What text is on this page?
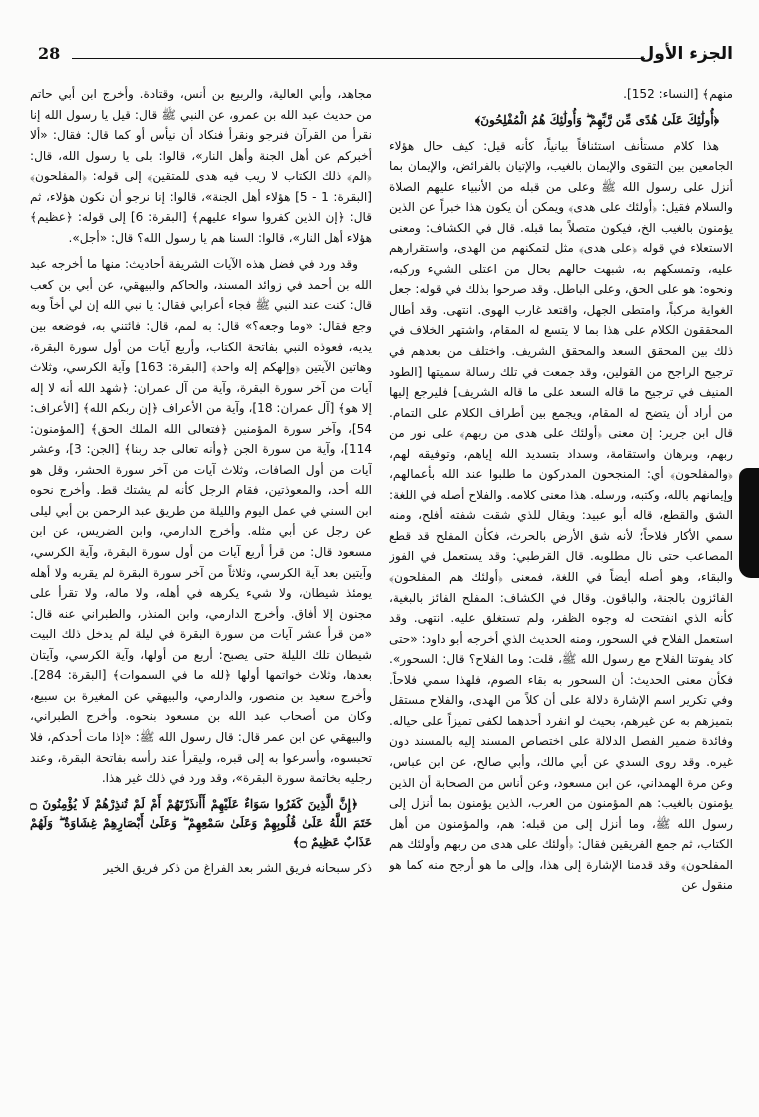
الجزء الأول
28

منهم﴾ [النساء: 152].

﴿أُولَٰئِكَ عَلَىٰ هُدًى مِّن رَّبِّهِمْ ۖ وَأُولَٰئِكَ هُمُ الْمُفْلِحُونَ﴾

هذا كلام مستأنف استئنافاً بيانياً، كأنه قيل: كيف حال هؤلاء الجامعين بين التقوى والإيمان بالغيب، والإتيان بالفرائض، والإيمان بما أنزل على رسول الله ﷺ وعلى من قبله من الأنبياء عليهم الصلاة والسلام فقيل: ﴿أولئك على هدى﴾ ويمكن أن يكون هذا خبراً عن الذين يؤمنون بالغيب الخ، فيكون متصلاً بما قبله. قال في الكشاف: ومعنى الاستعلاء في قوله ﴿على هدى﴾ مثل لتمكنهم من الهدى، واستقرارهم عليه، وتمسكهم به، شبهت حالهم بحال من اعتلى الشيء وركبه، ونحوه: هو على الحق، وعلى الباطل. وقد صرحوا بذلك في قوله: جعل الغواية مركباً، وامتطى الجهل، واقتعد غارب الهوى. انتهى. وقد أطال المحققون الكلام على هذا بما لا يتسع له المقام، واشتهر الخلاف في ذلك بين المحقق السعد والمحقق الشريف. واختلف من بعدهم في ترجيح الراجح من القولين، وقد جمعت في تلك رسالة سميتها [الطود المنيف في ترجيح ما قاله السعد على ما قاله الشريف] فليرجع إليها من أراد أن يتضح له المقام، ويجمع بين أطراف الكلام على التمام. قال ابن جرير: إن معنى ﴿أولئك على هدى من ربهم﴾ على نور من ربهم، وبرهان واستقامة، وسداد بتسديد الله إياهم، وتوفيقه لهم، ﴿والمفلحون﴾ أي: المنجحون المدركون ما طلبوا عند الله بأعمالهم، وإيمانهم بالله، وكتبه، ورسله. هذا معنى كلامه. والفلاح أصله في اللغة: الشق والقطع، قاله أبو عبيد: ويقال للذي شقت شفته أفلح، ومنه سمي الأكار فلاحاً؛ لأنه شق الأرض بالحرث، فكأن المفلح قد قطع المصاعب حتى نال مطلوبه. قال القرطبي: وقد يستعمل في الفوز والبقاء، وهو أصله أيضاً في اللغة، فمعنى ﴿أولئك هم المفلحون﴾ الفائزون بالجنة، والباقون. وقال في الكشاف: المفلح الفائز بالبغية، كأنه الذي انفتحت له وجوه الظفر، ولم تستغلق عليه. انتهى. وقد استعمل الفلاح في السحور، ومنه الحديث الذي أخرجه أبو داود: «حتى كاد يفوتنا الفلاح مع رسول الله ﷺ، قلت: وما الفلاح؟ قال: السحور». فكأن معنى الحديث: أن السحور به بقاء الصوم، فلهذا سمي فلاحاً. وفي تكرير اسم الإشارة دلالة على أن كلاً من الهدى، والفلاح مستقل بتميزهم به عن غيرهم، بحيث لو انفرد أحدهما لكفى تميزاً على حياله. وفائدة ضمير الفصل الدلالة على اختصاص المسند إليه بالمسند دون غيره. وقد روى السدي عن أبي مالك، وأبي صالح، عن ابن عباس، وعن مرة الهمداني، عن ابن مسعود، وعن أناس من الصحابة أن الذين يؤمنون بالغيب: هم المؤمنون من العرب، الذين يؤمنون بما أنزل إلى رسول الله ﷺ، وما أنزل إلى من قبله: هم، والمؤمنون من أهل الكتاب، ثم جمع الفريقين فقال: ﴿أولئك على هدى من ربهم وأولئك هم المفلحون﴾ وقد قدمنا الإشارة إلى هذا، وإلى ما هو أرجح منه كما هو منقول عن

مجاهد، وأبي العالية، والربيع بن أنس، وقتادة. وأخرج ابن أبي حاتم من حديث عبد الله بن عمرو، عن النبي ﷺ قال: قيل يا رسول الله إنا نقرأ من القرآن فنرجو ونقرأ فنكاد أن نيأس أو كما قال: فقال: «ألا أخبركم عن أهل الجنة وأهل النار»، قالوا: بلى يا رسول الله، قال: ﴿الم﴾ ذلك الكتاب لا ريب فيه هدى للمتقين﴾ إلى قوله: ﴿المفلحون﴾ [البقرة: 1 - 5] هؤلاء أهل الجنة»، قالوا: إنا نرجو أن نكون هؤلاء، ثم قال: ﴿إن الذين كفروا سواء عليهم﴾ [البقرة: 6] إلى قوله: ﴿عظيم﴾ هؤلاء أهل النار»، قالوا: السنا هم يا رسول الله؟ قال: «أجل».

وقد ورد في فضل هذه الآيات الشريفة أحاديث: منها ما أخرجه عبد الله بن أحمد في زوائد المسند، والحاكم والبيهقي، عن أبي بن كعب قال: كنت عند النبي ﷺ فجاء أعرابي فقال: يا نبي الله إن لي أخاً وبه وجع فقال: «وما وجعه؟» قال: به لمم، قال: فائتني به، فوضعه بين يديه، فعوذه النبي بفاتحة الكتاب، وأربع آيات من أول سورة البقرة، وهاتين الآيتين ﴿وإلهكم إله واحد﴾ [البقرة: 163] وآية الكرسي، وثلاث آيات من آخر سورة البقرة، وآية من آل عمران: ﴿شهد الله أنه لا إله إلا هو﴾ [آل عمران: 18]، وآية من الأعراف ﴿إن ربكم الله﴾ [الأعراف: 54]، وآخر سورة المؤمنين ﴿فتعالى الله الملك الحق﴾ [المؤمنون: 114]، وآية من سورة الجن ﴿وأنه تعالى جد ربنا﴾ [الجن: 3]، وعشر آيات من أول الصافات، وثلاث آيات من آخر سورة الحشر، وقل هو الله أحد، والمعوذتين، فقام الرجل كأنه لم يشتك قط. وأخرج نحوه ابن السني في عمل اليوم والليلة من طريق عبد الرحمن بن أبي ليلى عن رجل عن أبي مثله. وأخرج الدارمي، وابن الضريس، عن ابن مسعود قال: من قرأ أربع آيات من أول سورة البقرة، وآية الكرسي، وآيتين بعد آية الكرسي، وثلاثاً من آخر سورة البقرة لم يقربه ولا أهله يومئذ شيطان، ولا شيء يكرهه في أهله، ولا ماله، ولا تقرأ على مجنون إلا أفاق. وأخرج الدارمي، وابن المنذر، والطبراني عنه قال: «من قرأ عشر آيات من سورة البقرة في ليلة لم يدخل ذلك البيت شيطان تلك الليلة حتى يصبح: أربع من أولها، وآية الكرسي، وآيتان بعدها، وثلاث خواتمها أولها ﴿لله ما في السموات﴾ [البقرة: 284]. وأخرج سعيد بن منصور، والدارمي، والبيهقي عن المغيرة بن سبيع، وكان من أصحاب عبد الله بن مسعود بنحوه. وأخرج الطبراني، والبيهقي عن ابن عمر قال: قال رسول الله ﷺ: «إذا مات أحدكم، فلا تحبسوه، وأسرعوا به إلى قبره، وليقرأ عند رأسه بفاتحة البقرة، وعند رجليه بخاتمة سورة البقرة»، وقد ورد في ذلك غير هذا.

﴿إِنَّ الَّذِينَ كَفَرُوا سَوَاءٌ عَلَيْهِمْ أَأَنذَرْتَهُمْ أَمْ لَمْ تُنذِرْهُمْ لَا يُؤْمِنُونَ ۝ خَتَمَ اللَّهُ عَلَىٰ قُلُوبِهِمْ وَعَلَىٰ سَمْعِهِمْ ۖ وَعَلَىٰ أَبْصَارِهِمْ غِشَاوَةٌ ۖ وَلَهُمْ عَذَابٌ عَظِيمٌ ۝﴾

ذكر سبحانه فريق الشر بعد الفراغ من ذكر فريق الخير
